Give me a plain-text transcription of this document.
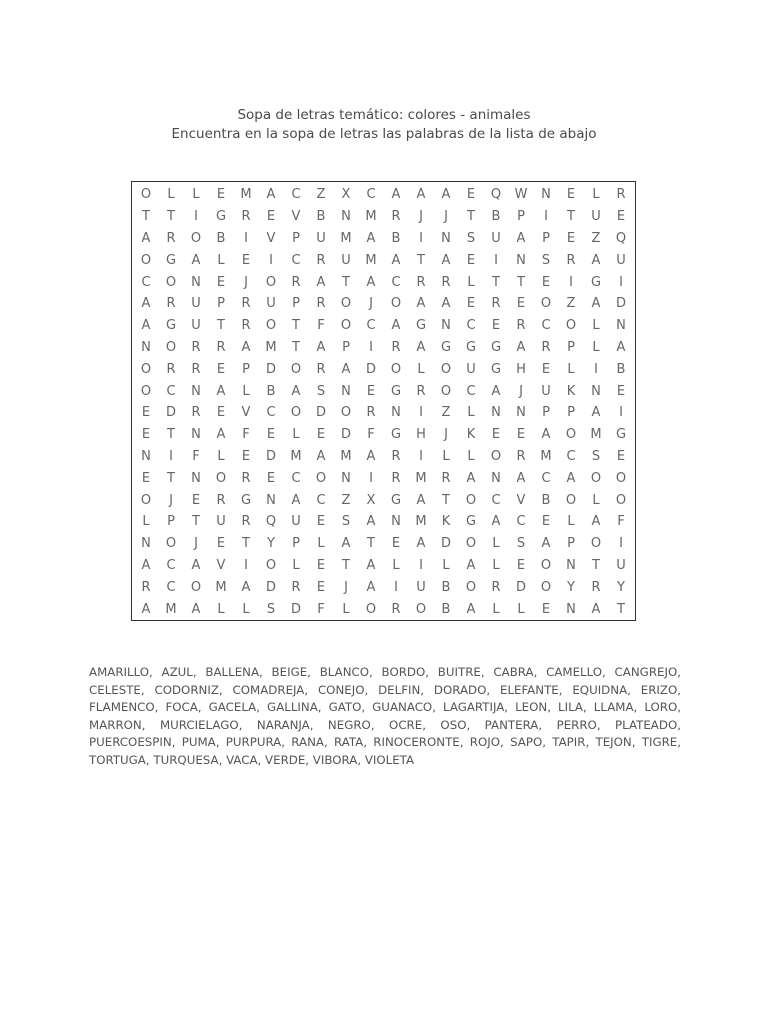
Sopa de letras temático: colores - animales
Encuentra en la sopa de letras las palabras de la lista de abajo
O	L	L	E	M	A	C	Z	X	C	A	A	A	E	Q	W	N	E	L	R
T	T	I	G	R	E	V	B	N	M	R	J	J	T	B	P	I	T	U	E
A	R	O	B	I	V	P	U	M	A	B	I	N	S	U	A	P	E	Z	Q
O	G	A	L	E	I	C	R	U	M	A	T	A	E	I	N	S	R	A	U
C	O	N	E	J	O	R	A	T	A	C	R	R	L	T	T	E	I	G	I
A	R	U	P	R	U	P	R	O	J	O	A	A	E	R	E	O	Z	A	D
A	G	U	T	R	O	T	F	O	C	A	G	N	C	E	R	C	O	L	N
N	O	R	R	A	M	T	A	P	I	R	A	G	G	G	A	R	P	L	A
O	R	R	E	P	D	O	R	A	D	O	L	O	U	G	H	E	L	I	B
O	C	N	A	L	B	A	S	N	E	G	R	O	C	A	J	U	K	N	E
E	D	R	E	V	C	O	D	O	R	N	I	Z	L	N	N	P	P	A	I
E	T	N	A	F	E	L	E	D	F	G	H	J	K	E	E	A	O	M	G
N	I	F	L	E	D	M	A	M	A	R	I	L	L	O	R	M	C	S	E
E	T	N	O	R	E	C	O	N	I	R	M	R	A	N	A	C	A	O	O
O	J	E	R	G	N	A	C	Z	X	G	A	T	O	C	V	B	O	L	O
L	P	T	U	R	Q	U	E	S	A	N	M	K	G	A	C	E	L	A	F
N	O	J	E	T	Y	P	L	A	T	E	A	D	O	L	S	A	P	O	I
A	C	A	V	I	O	L	E	T	A	L	I	L	A	L	E	O	N	T	U
R	C	O	M	A	D	R	E	J	A	I	U	B	O	R	D	O	Y	R	Y
A	M	A	L	L	S	D	F	L	O	R	O	B	A	L	L	E	N	A	T
AMARILLO, AZUL, BALLENA, BEIGE, BLANCO, BORDO, BUITRE, CABRA, CAMELLO, CANGREJO, CELESTE, CODORNIZ, COMADREJA, CONEJO, DELFIN, DORADO, ELEFANTE, EQUIDNA, ERIZO, FLAMENCO, FOCA, GACELA, GALLINA, GATO, GUANACO, LAGARTIJA, LEON, LILA, LLAMA, LORO, MARRON, MURCIELAGO, NARANJA, NEGRO, OCRE, OSO, PANTERA, PERRO, PLATEADO, PUERCOESPIN, PUMA, PURPURA, RANA, RATA, RINOCERONTE, ROJO, SAPO, TAPIR, TEJON, TIGRE, TORTUGA, TURQUESA, VACA, VERDE, VIBORA, VIOLETA
